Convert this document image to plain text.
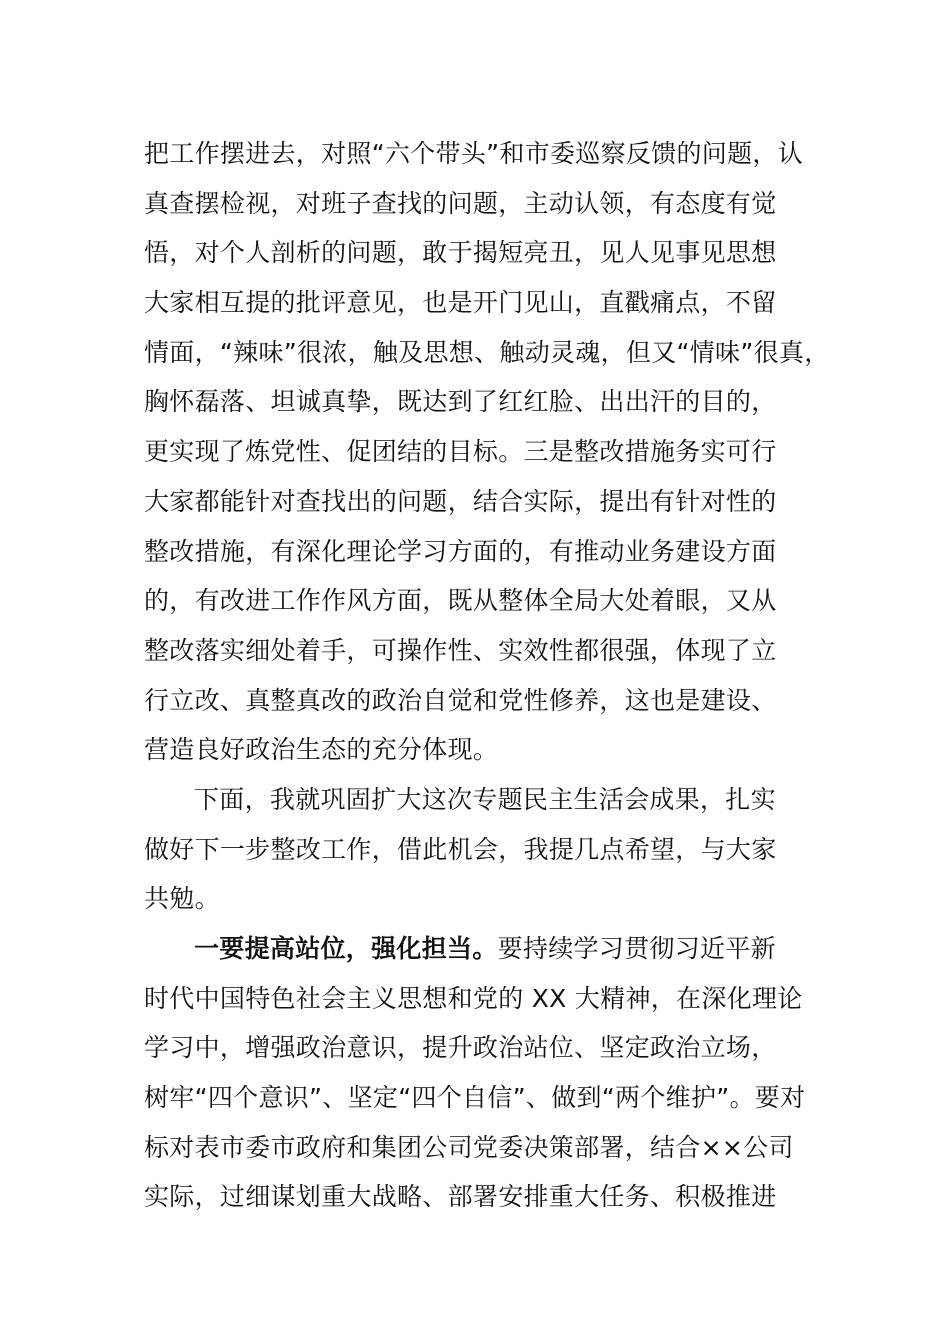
把工作摆进去，对照“六个带头”和市委巡察反馈的问题，认
真查摆检视，对班子查找的问题，主动认领，有态度有觉
悟，对个人剖析的问题，敢于揭短亮丑，见人见事见思想
大家相互提的批评意见，也是开门见山，直戳痛点，不留
情面，“辣味”很浓，触及思想、触动灵魂，但又“情味”很真，
胸怀磊落、坦诚真挚，既达到了红红脸、出出汗的目的，
更实现了炼党性、促团结的目标。三是整改措施务实可行
大家都能针对查找出的问题，结合实际，提出有针对性的
整改措施，有深化理论学习方面的，有推动业务建设方面
的，有改进工作作风方面，既从整体全局大处着眼，又从
整改落实细处着手，可操作性、实效性都很强，体现了立
行立改、真整真改的政治自觉和党性修养，这也是建设、
营造良好政治生态的充分体现。
下面，我就巩固扩大这次专题民主生活会成果，扎实
做好下一步整改工作，借此机会，我提几点希望，与大家
共勉。
一要提高站位，强化担当。要持续学习贯彻习近平新
时代中国特色社会主义思想和党的 XX 大精神，在深化理论
学习中，增强政治意识，提升政治站位、坚定政治立场，
树牢“四个意识”、坚定“四个自信”、做到“两个维护”。要对
标对表市委市政府和集团公司党委决策部署，结合××公司
实际，过细谋划重大战略、部署安排重大任务、积极推进
